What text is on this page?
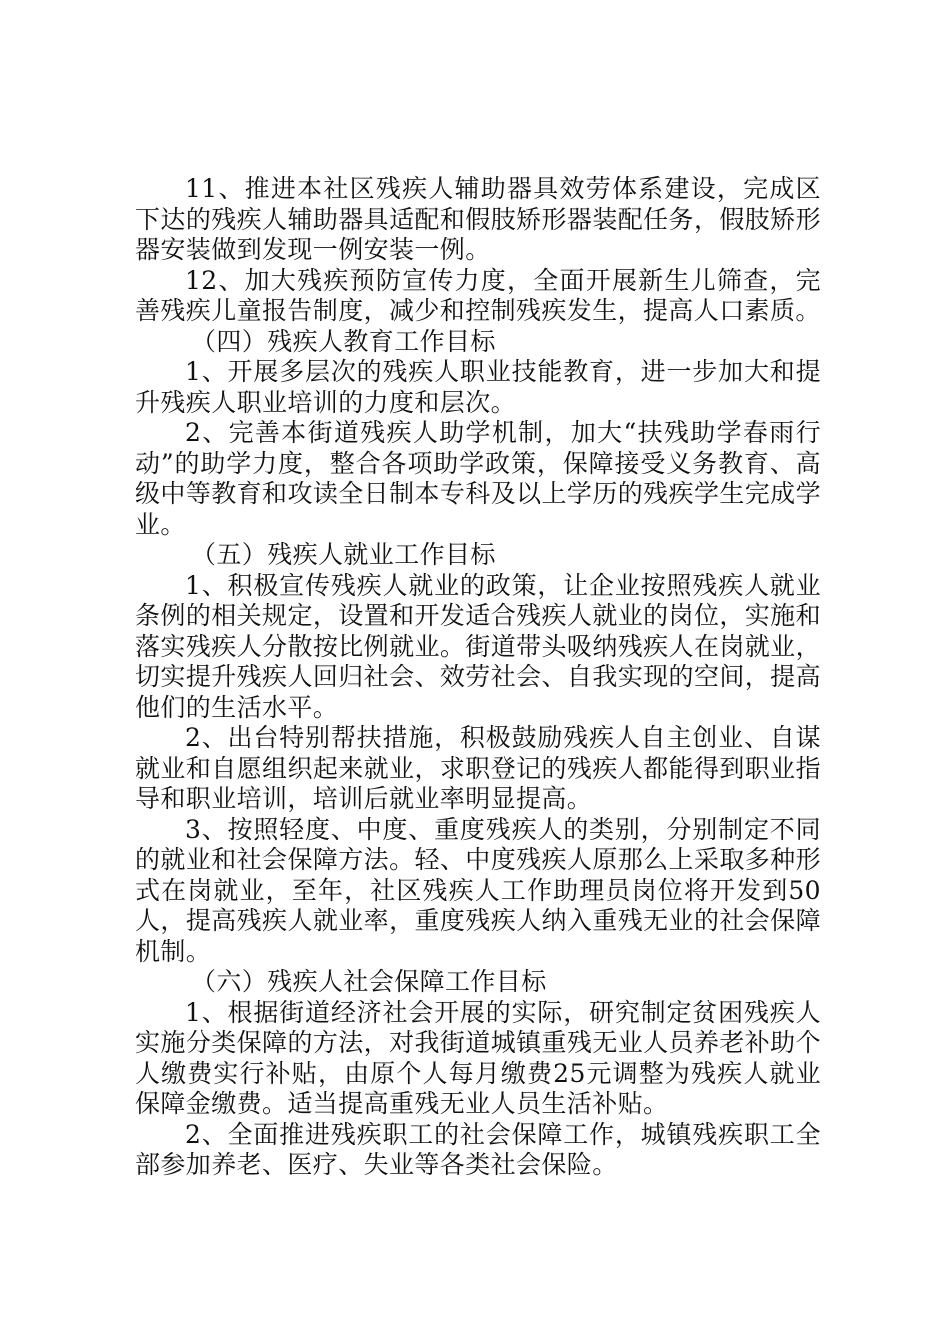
11、推进本社区残疾人辅助器具效劳体系建设，完成区下达的残疾人辅助器具适配和假肢矫形器装配任务，假肢矫形器安装做到发现一例安装一例。

12、加大残疾预防宣传力度，全面开展新生儿筛查，完善残疾儿童报告制度，减少和控制残疾发生，提高人口素质。

（四）残疾人教育工作目标

1、开展多层次的残疾人职业技能教育，进一步加大和提升残疾人职业培训的力度和层次。

2、完善本街道残疾人助学机制，加大“扶残助学春雨行动”的助学力度，整合各项助学政策，保障接受义务教育、高级中等教育和攻读全日制本专科及以上学历的残疾学生完成学业。

（五）残疾人就业工作目标

1、积极宣传残疾人就业的政策，让企业按照残疾人就业条例的相关规定，设置和开发适合残疾人就业的岗位，实施和落实残疾人分散按比例就业。街道带头吸纳残疾人在岗就业，切实提升残疾人回归社会、效劳社会、自我实现的空间，提高他们的生活水平。

2、出台特别帮扶措施，积极鼓励残疾人自主创业、自谋就业和自愿组织起来就业，求职登记的残疾人都能得到职业指导和职业培训，培训后就业率明显提高。

3、按照轻度、中度、重度残疾人的类别，分别制定不同的就业和社会保障方法。轻、中度残疾人原那么上采取多种形式在岗就业，至年，社区残疾人工作助理员岗位将开发到50人，提高残疾人就业率，重度残疾人纳入重残无业的社会保障机制。

（六）残疾人社会保障工作目标

1、根据街道经济社会开展的实际，研究制定贫困残疾人实施分类保障的方法，对我街道城镇重残无业人员养老补助个人缴费实行补贴，由原个人每月缴费25元调整为残疾人就业保障金缴费。适当提高重残无业人员生活补贴。

2、全面推进残疾职工的社会保障工作，城镇残疾职工全部参加养老、医疗、失业等各类社会保险。
